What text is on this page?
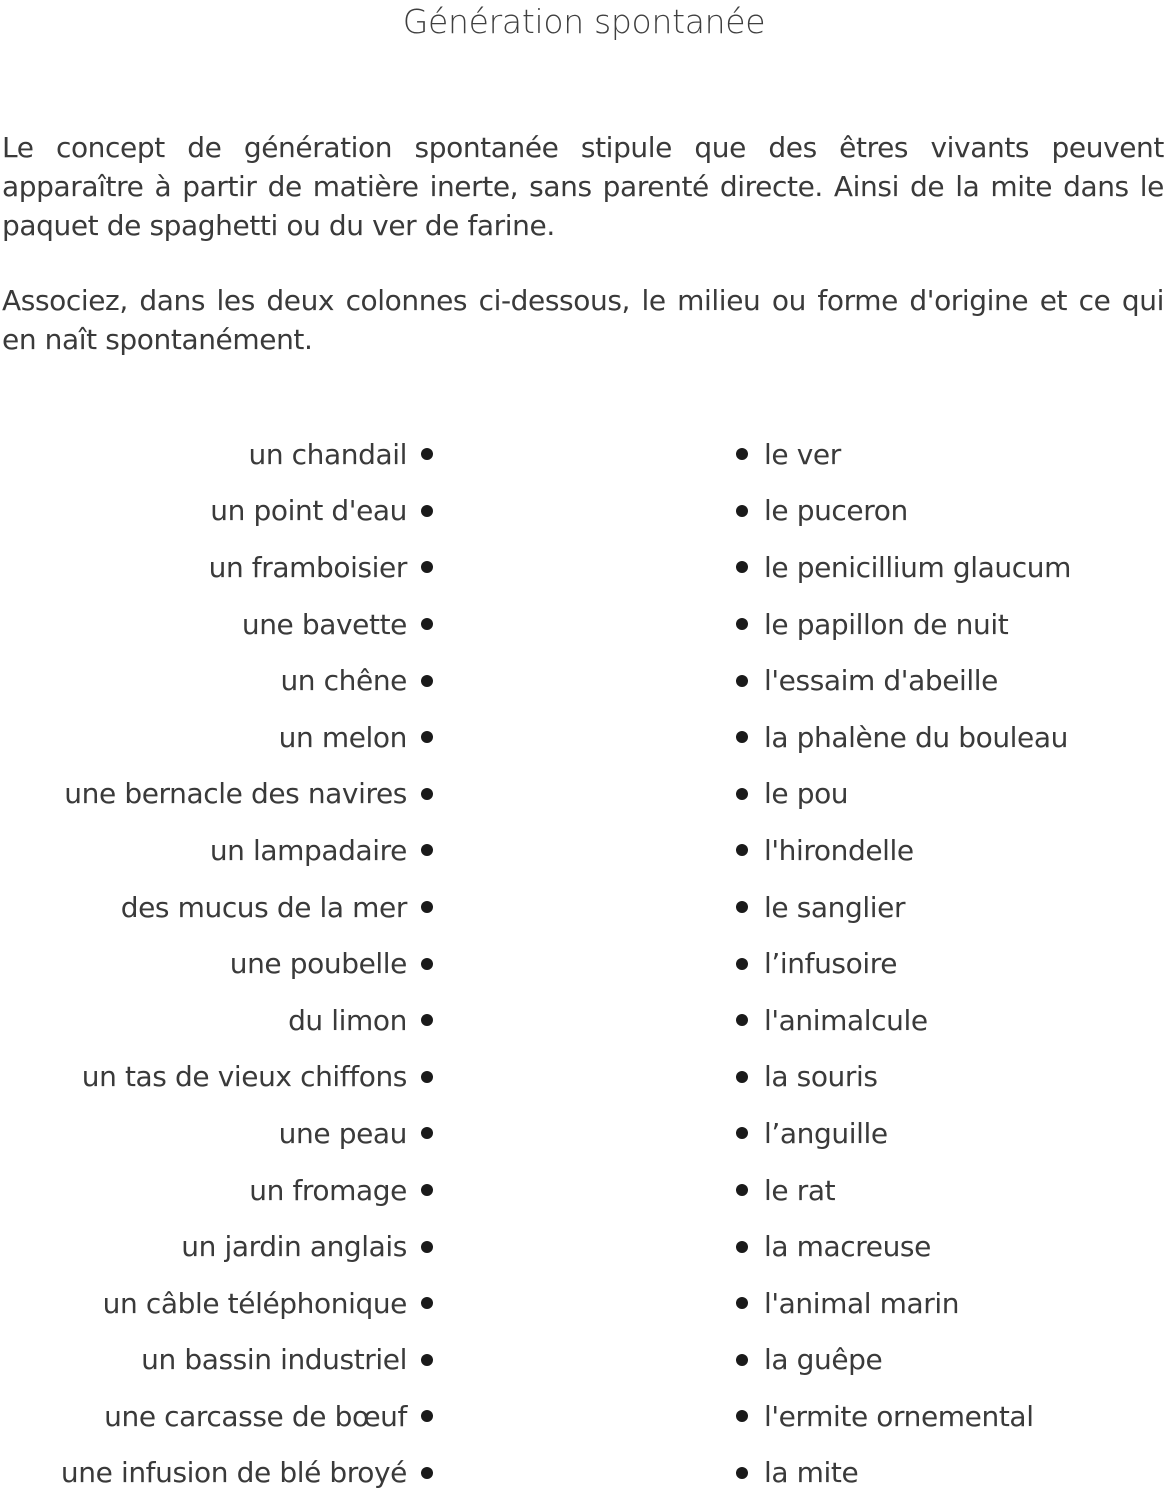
Génération spontanée

Le concept de génération spontanée stipule que des êtres vivants peuvent apparaître à partir de matière inerte, sans parenté directe. Ainsi de la mite dans le paquet de spaghetti ou du ver de farine.

Associez, dans les deux colonnes ci-dessous, le milieu ou forme d'origine et ce qui en naît spontanément.

un chandail
un point d'eau
un framboisier
une bavette
un chêne
un melon
une bernacle des navires
un lampadaire
des mucus de la mer
une poubelle
du limon
un tas de vieux chiffons
une peau
un fromage
un jardin anglais
un câble téléphonique
un bassin industriel
une carcasse de bœuf
une infusion de blé broyé
le ver
le puceron
le penicillium glaucum
le papillon de nuit
l'essaim d'abeille
la phalène du bouleau
le pou
l'hirondelle
le sanglier
l’infusoire
l'animalcule
la souris
l’anguille
le rat
la macreuse
l'animal marin
la guêpe
l'ermite ornemental
la mite
